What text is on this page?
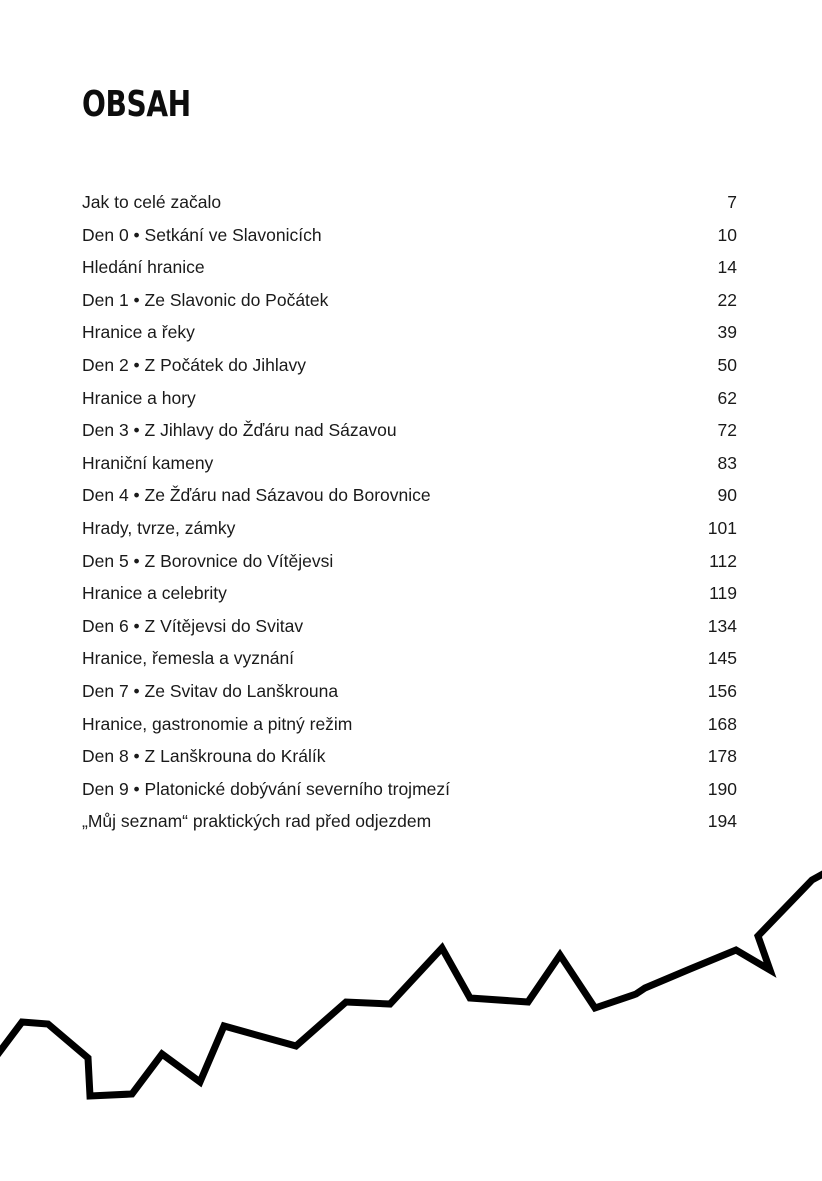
OBSAH
Jak to celé začalo	7
Den 0 • Setkání ve Slavonicích	10
Hledání hranice	14
Den 1 • Ze Slavonic do Počátek	22
Hranice a řeky	39
Den 2 • Z Počátek do Jihlavy	50
Hranice a hory	62
Den 3 • Z Jihlavy do Žďáru nad Sázavou	72
Hraniční kameny	83
Den 4 • Ze Žďáru nad Sázavou do Borovnice	90
Hrady, tvrze, zámky	101
Den 5 • Z Borovnice do Vítějevsi	112
Hranice a celebrity	119
Den 6 • Z Vítějevsi do Svitav	134
Hranice, řemesla a vyznání	145
Den 7 • Ze Svitav do Lanškrouna	156
Hranice, gastronomie a pitný režim	168
Den 8 • Z Lanškrouna do Králík	178
Den 9 • Platonické dobývání severního trojmezí	190
„Můj seznam“ praktických rad před odjezdem	194
